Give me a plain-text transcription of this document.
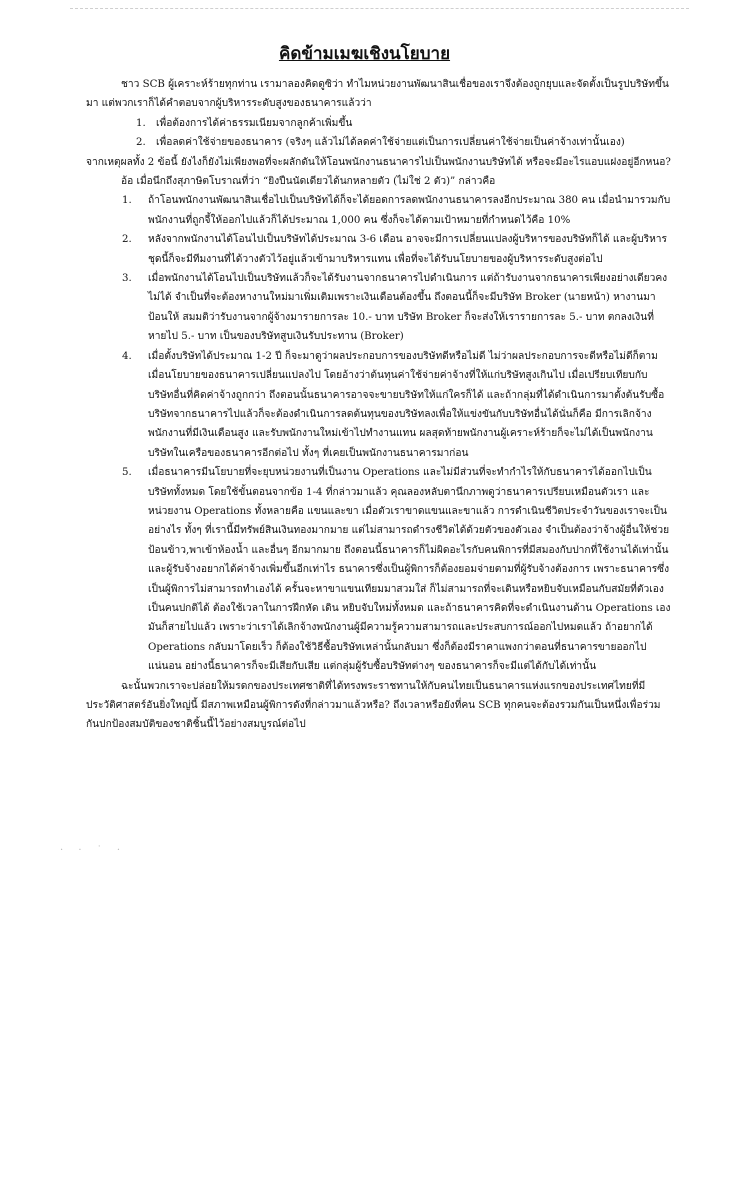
คิดข้ามเมฆเชิงนโยบาย

ชาว SCB ผู้เคราะห์ร้ายทุกท่าน เรามาลองคิดดูซิว่า ทำไมหน่วยงานพัฒนาสินเชื่อของเราจึงต้องถูกยุบและจัดตั้งเป็นรูปบริษัทขึ้นมา แต่พวกเราก็ได้คำตอบจากผู้บริหารระดับสูงของธนาคารแล้วว่า

1. เพื่อต้องการได้ค่าธรรมเนียมจากลูกค้าเพิ่มขึ้น
2. เพื่อลดค่าใช้จ่ายของธนาคาร (จริงๆ แล้วไม่ได้ลดค่าใช้จ่ายแต่เป็นการเปลี่ยนค่าใช้จ่ายเป็นค่าจ้างเท่านั้นเอง)

จากเหตุผลทั้ง 2 ข้อนี้ ยังไงก็ยังไม่เพียงพอที่จะผลักดันให้โอนพนักงานธนาคารไปเป็นพนักงานบริษัทได้ หรือจะมีอะไรแอบแฝงอยู่อีกหนอ?

อ้อ เมื่อนึกถึงสุภาษิตโบราณที่ว่า “ยิงปืนนัดเดียวได้นกหลายตัว (ไม่ใช่ 2 ตัว)” กล่าวคือ

1. ถ้าโอนพนักงานพัฒนาสินเชื่อไปเป็นบริษัทได้ก็จะได้ยอดการลดพนักงานธนาคารลงอีกประมาณ 380 คน เมื่อนำมารวมกับพนักงานที่ถูกจี้ให้ออกไปแล้วก็ได้ประมาณ 1,000 คน ซึ่งก็จะได้ตามเป้าหมายที่กำหนดไว้คือ 10%
2. หลังจากพนักงานได้โอนไปเป็นบริษัทได้ประมาณ 3-6 เดือน อาจจะมีการเปลี่ยนแปลงผู้บริหารของบริษัทก็ได้ และผู้บริหารชุดนี้ก็จะมีทีมงานที่ได้วางตัวไว้อยู่แล้วเข้ามาบริหารแทน เพื่อที่จะได้รับนโยบายของผู้บริหารระดับสูงต่อไป
3. เมื่อพนักงานได้โอนไปเป็นบริษัทแล้วก็จะได้รับงานจากธนาคารไปดำเนินการ แต่ถ้ารับงานจากธนาคารเพียงอย่างเดียวคงไม่ได้ จำเป็นที่จะต้องหางานใหม่มาเพิ่มเติมเพราะเงินเดือนต้องขึ้น ถึงตอนนี้ก็จะมีบริษัท Broker (นายหน้า) หางานมาป้อนให้ สมมติว่ารับงานจากผู้จ้างมารายการละ 10.- บาท บริษัท Broker ก็จะส่งให้เรารายการละ 5.- บาท ตกลงเงินที่หายไป 5.- บาท เป็นของบริษัทสูบเงินรับประทาน (Broker)
4. เมื่อตั้งบริษัทได้ประมาณ 1-2 ปี ก็จะมาดูว่าผลประกอบการของบริษัทดีหรือไม่ดี ไม่ว่าผลประกอบการจะดีหรือไม่ดีก็ตาม เมื่อนโยบายของธนาคารเปลี่ยนแปลงไป โดยอ้างว่าต้นทุนค่าใช้จ่ายค่าจ้างที่ให้แก่บริษัทสูงเกินไป เมื่อเปรียบเทียบกับบริษัทอื่นที่คิดค่าจ้างถูกกว่า ถึงตอนนั้นธนาคารอาจจะขายบริษัทให้แก่ใครก็ได้ และถ้ากลุ่มที่ได้ดำเนินการมาตั้งต้นรับซื้อบริษัทจากธนาคารไปแล้วก็จะต้องดำเนินการลดต้นทุนของบริษัทลงเพื่อให้แข่งขันกับบริษัทอื่นได้นั่นก็คือ มีการเลิกจ้างพนักงานที่มีเงินเดือนสูง และรับพนักงานใหม่เข้าไปทำงานแทน ผลสุดท้ายพนักงานผู้เคราะห์ร้ายก็จะไม่ได้เป็นพนักงานบริษัทในเครือของธนาคารอีกต่อไป ทั้งๆ ที่เคยเป็นพนักงานธนาคารมาก่อน
5. เมื่อธนาคารมีนโยบายที่จะยุบหน่วยงานที่เป็นงาน Operations และไม่มีส่วนที่จะทำกำไรให้กับธนาคารได้ออกไปเป็นบริษัททั้งหมด โดยใช้ขั้นตอนจากข้อ 1-4 ที่กล่าวมาแล้ว คุณลองหลับตานึกภาพดูว่าธนาคารเปรียบเหมือนตัวเรา และหน่วยงาน Operations ทั้งหลายคือ แขนและขา เมื่อตัวเราขาดแขนและขาแล้ว การดำเนินชีวิตประจำวันของเราจะเป็นอย่างไร ทั้งๆ ที่เรานี้มีทรัพย์สินเงินทองมากมาย แต่ไม่สามารถดำรงชีวิตได้ด้วยตัวของตัวเอง จำเป็นต้องว่าจ้างผู้อื่นให้ช่วยป้อนข้าว,พาเข้าห้องน้ำ และอื่นๆ อีกมากมาย ถึงตอนนี้ธนาคารก็ไม่ผิดอะไรกับคนพิการที่มีสมองกับปากที่ใช้งานได้เท่านั้นและผู้รับจ้างอยากได้ค่าจ้างเพิ่มขึ้นอีกเท่าไร ธนาคารซึ่งเป็นผู้พิการก็ต้องยอมจ่ายตามที่ผู้รับจ้างต้องการ เพราะธนาคารซึ่งเป็นผู้พิการไม่สามารถทำเองได้ ครั้นจะหาขาแขนเทียมมาสวมใส่ ก็ไม่สามารถที่จะเดินหรือหยิบจับเหมือนกับสมัยที่ตัวเองเป็นคนปกติได้ ต้องใช้เวลาในการฝึกหัด เดิน หยิบจับใหม่ทั้งหมด และถ้าธนาคารคิดที่จะดำเนินงานด้าน Operations เอง มันก็สายไปแล้ว เพราะว่าเราได้เลิกจ้างพนักงานผู้มีความรู้ความสามารถและประสบการณ์ออกไปหมดแล้ว ถ้าอยากได้ Operations กลับมาโดยเร็ว ก็ต้องใช้วิธีซื้อบริษัทเหล่านั้นกลับมา ซึ่งก็ต้องมีราคาแพงกว่าตอนที่ธนาคารขายออกไปแน่นอน อย่างนี้ธนาคารก็จะมีเสียกับเสีย แต่กลุ่มผู้รับซื้อบริษัทต่างๆ ของธนาคารก็จะมีแต่ได้กับได้เท่านั้น

ฉะนั้นพวกเราจะปล่อยให้มรดกของประเทศชาติที่ได้ทรงพระราชทานให้กับคนไทยเป็นธนาคารแห่งแรกของประเทศไทยที่มีประวัติศาสตร์อันยิ่งใหญ่นี้ มีสภาพเหมือนผู้พิการดังที่กล่าวมาแล้วหรือ? ถึงเวลาหรือยังที่คน SCB ทุกคนจะต้องรวมกันเป็นหนึ่งเพื่อร่วมกันปกป้องสมบัติของชาติชิ้นนี้ไว้อย่างสมบูรณ์ต่อไป

· · ˙ ·
